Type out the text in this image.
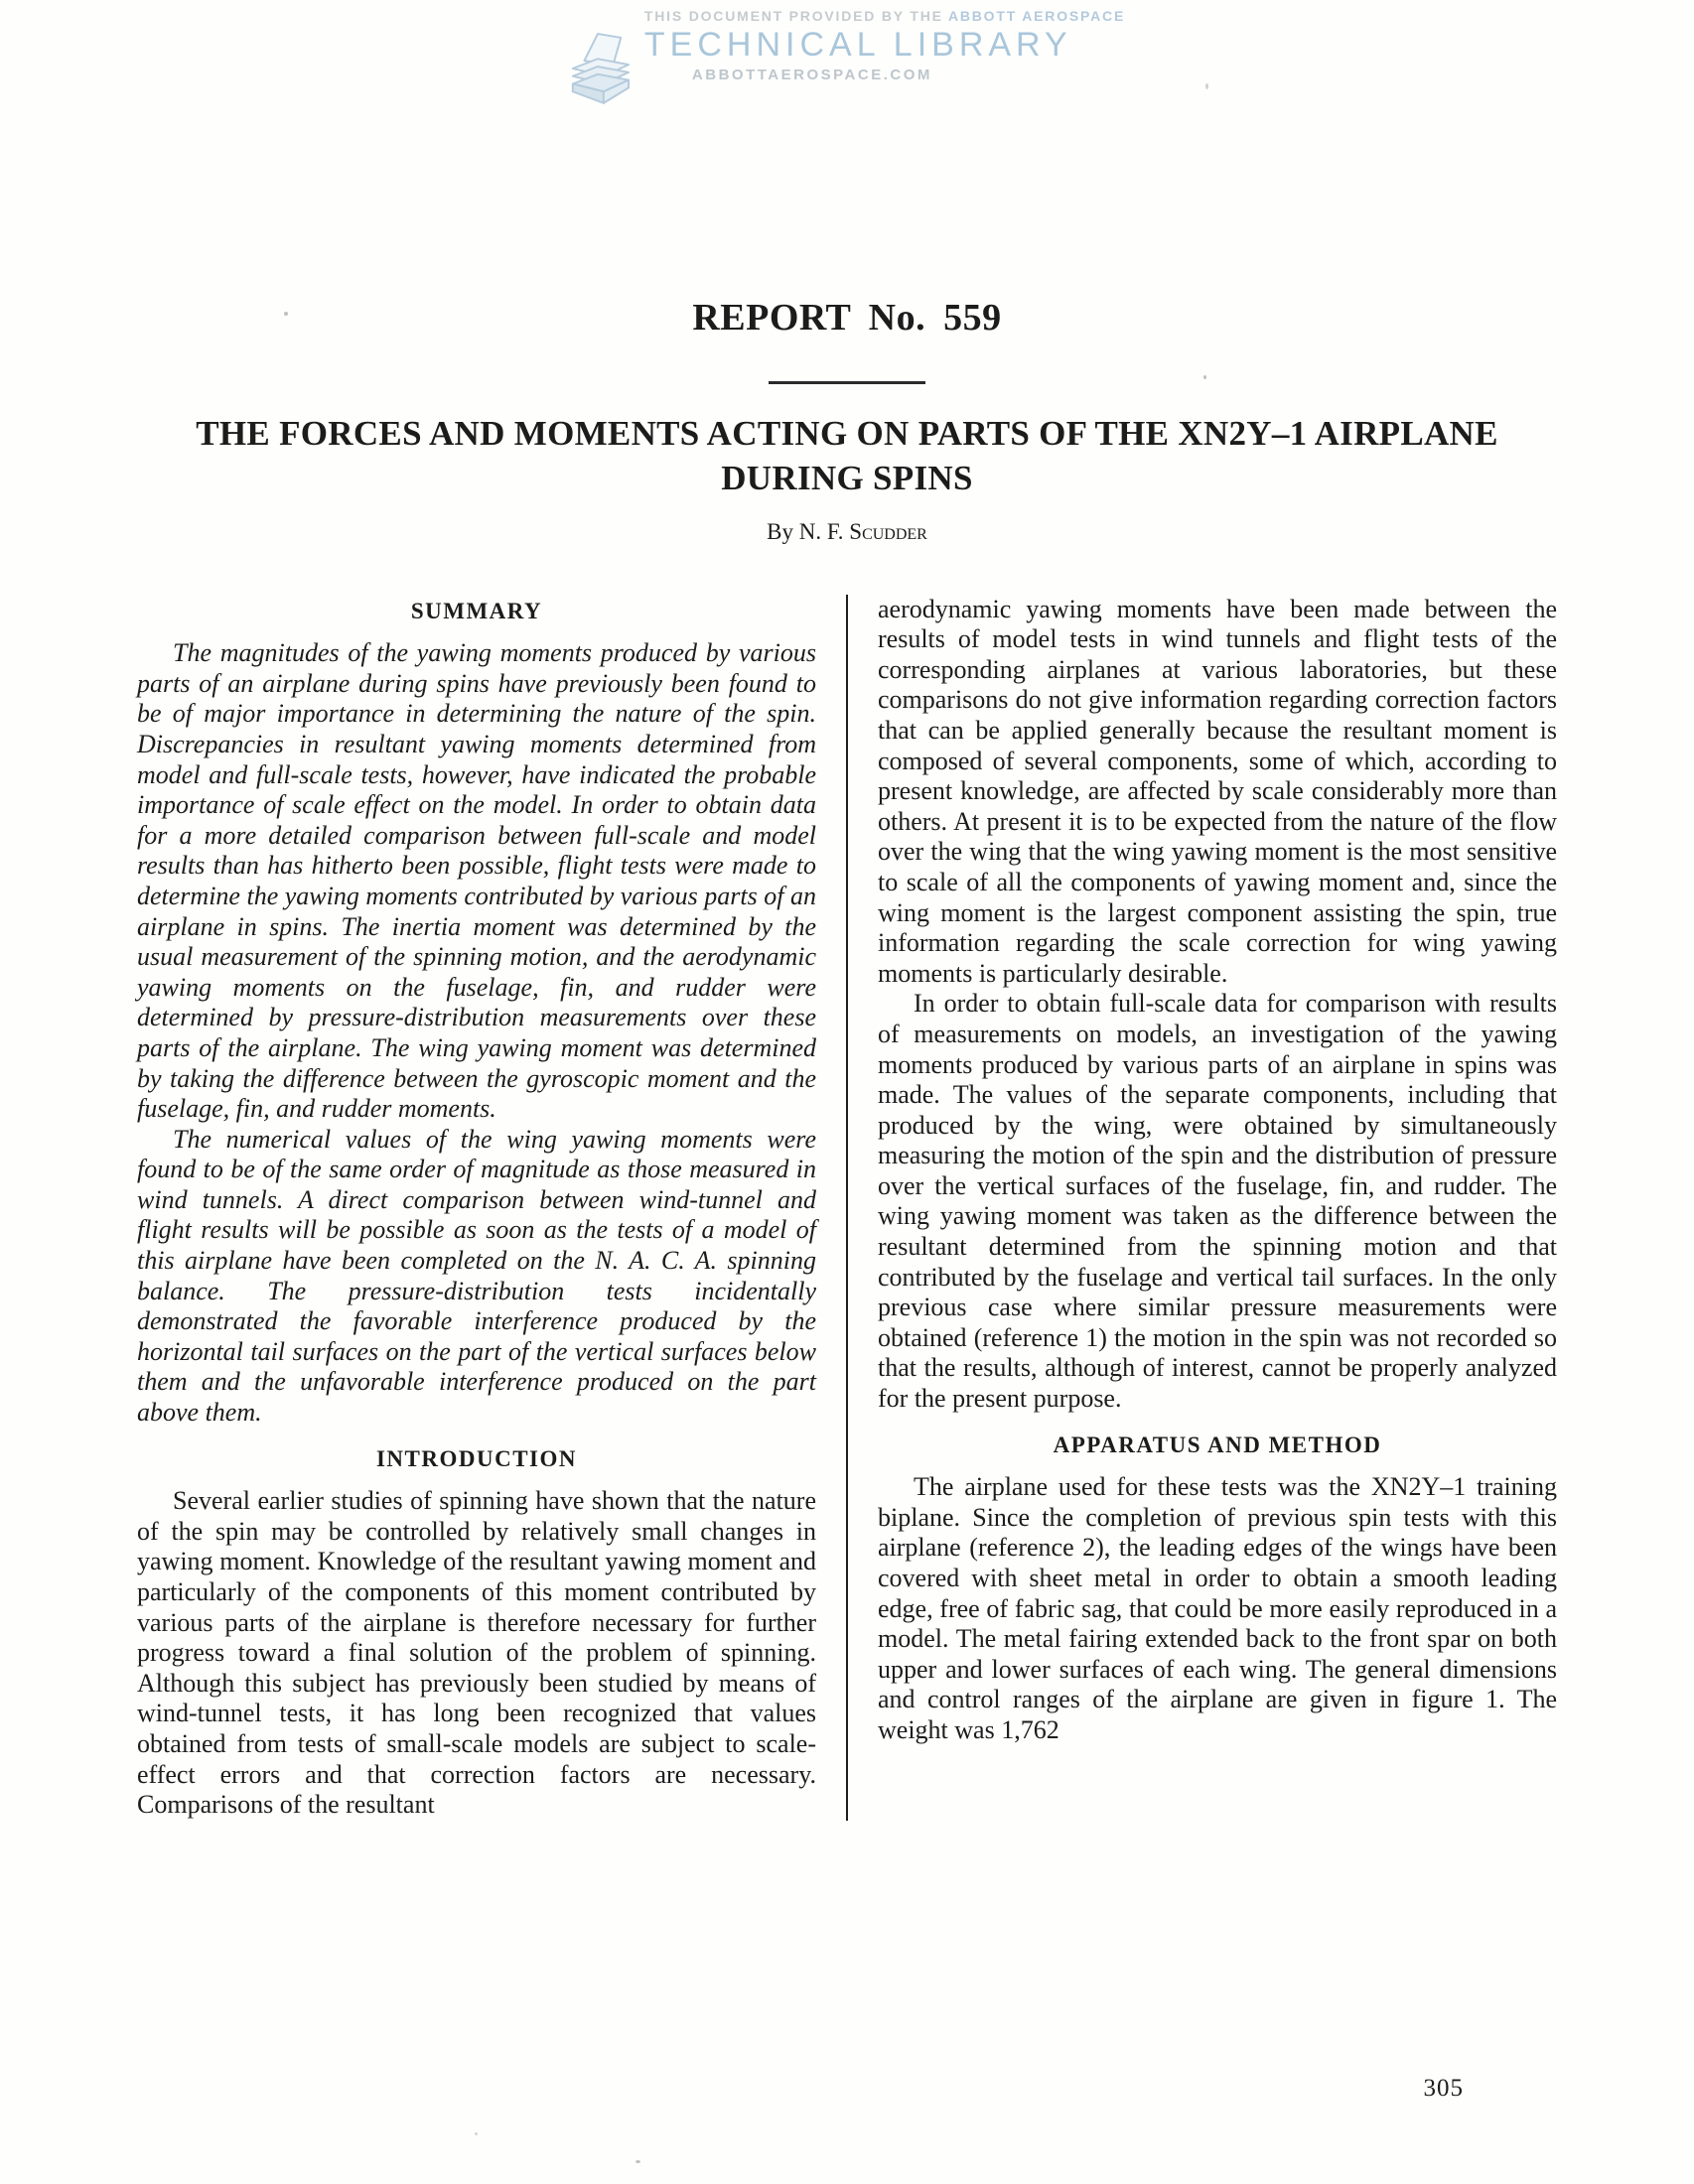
THIS DOCUMENT PROVIDED BY THE ABBOTT AEROSPACE
TECHNICAL LIBRARY
ABBOTTAEROSPACE.COM
REPORT No. 559
THE FORCES AND MOMENTS ACTING ON PARTS OF THE XN2Y–1 AIRPLANE
DURING SPINS
By N. F. Scudder
SUMMARY

The magnitudes of the yawing moments produced by various parts of an airplane during spins have previously been found to be of major importance in determining the nature of the spin. Discrepancies in resultant yawing moments determined from model and full-scale tests, however, have indicated the probable importance of scale effect on the model. In order to obtain data for a more detailed comparison between full-scale and model results than has hitherto been possible, flight tests were made to determine the yawing moments contributed by various parts of an airplane in spins. The inertia moment was determined by the usual measurement of the spinning motion, and the aerodynamic yawing moments on the fuselage, fin, and rudder were determined by pressure-distribution measurements over these parts of the airplane. The wing yawing moment was determined by taking the difference between the gyroscopic moment and the fuselage, fin, and rudder moments.

The numerical values of the wing yawing moments were found to be of the same order of magnitude as those measured in wind tunnels. A direct comparison between wind-tunnel and flight results will be possible as soon as the tests of a model of this airplane have been completed on the N. A. C. A. spinning balance. The pressure-distribution tests incidentally demonstrated the favorable interference produced by the horizontal tail surfaces on the part of the vertical surfaces below them and the unfavorable interference produced on the part above them.

INTRODUCTION

Several earlier studies of spinning have shown that the nature of the spin may be controlled by relatively small changes in yawing moment. Knowledge of the resultant yawing moment and particularly of the components of this moment contributed by various parts of the airplane is therefore necessary for further progress toward a final solution of the problem of spinning. Although this subject has previously been studied by means of wind-tunnel tests, it has long been recognized that values obtained from tests of small-scale models are subject to scale-effect errors and that correction factors are necessary. Comparisons of the resultant

aerodynamic yawing moments have been made between the results of model tests in wind tunnels and flight tests of the corresponding airplanes at various laboratories, but these comparisons do not give information regarding correction factors that can be applied generally because the resultant moment is composed of several components, some of which, according to present knowledge, are affected by scale considerably more than others. At present it is to be expected from the nature of the flow over the wing that the wing yawing moment is the most sensitive to scale of all the components of yawing moment and, since the wing moment is the largest component assisting the spin, true information regarding the scale correction for wing yawing moments is particularly desirable.

In order to obtain full-scale data for comparison with results of measurements on models, an investigation of the yawing moments produced by various parts of an airplane in spins was made. The values of the separate components, including that produced by the wing, were obtained by simultaneously measuring the motion of the spin and the distribution of pressure over the vertical surfaces of the fuselage, fin, and rudder. The wing yawing moment was taken as the difference between the resultant determined from the spinning motion and that contributed by the fuselage and vertical tail surfaces. In the only previous case where similar pressure measurements were obtained (reference 1) the motion in the spin was not recorded so that the results, although of interest, cannot be properly analyzed for the present purpose.

APPARATUS AND METHOD

The airplane used for these tests was the XN2Y–1 training biplane. Since the completion of previous spin tests with this airplane (reference 2), the leading edges of the wings have been covered with sheet metal in order to obtain a smooth leading edge, free of fabric sag, that could be more easily reproduced in a model. The metal fairing extended back to the front spar on both upper and lower surfaces of each wing. The general dimensions and control ranges of the airplane are given in figure 1. The weight was 1,762

305
